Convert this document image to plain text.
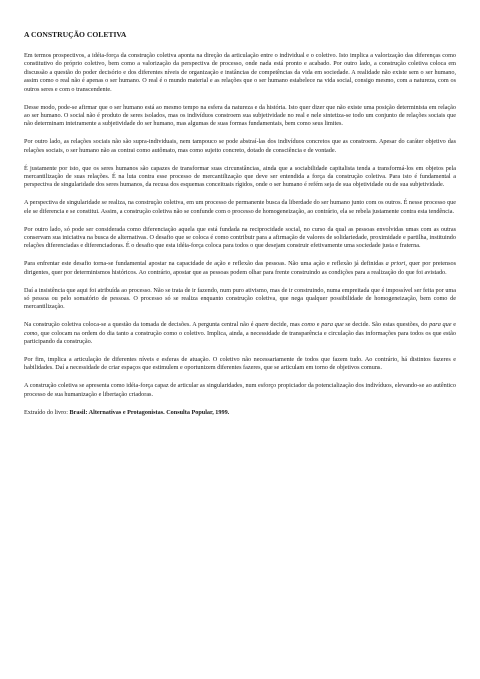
A CONSTRUÇÃO COLETIVA

Em termos prospectivos, a idéia-força da construção coletiva aponta na direção da articulação entre o individual e o coletivo. Isto implica a valorização das diferenças como constitutivo do próprio coletivo, bem como a valorização da perspectiva de processo, onde nada está pronto e acabado. Por outro lado, a construção coletiva coloca em discussão a questão do poder decisório e dos diferentes níveis de organização e instâncias de competências da vida em sociedade. A realidade não existe sem o ser humano, assim como o real não é apenas o ser humano. O real é o mundo material e as relações que o ser humano estabelece na vida social, consigo mesmo, com a natureza, com os outros seres e com o transcendente.

Desse modo, pode-se afirmar que o ser humano está ao mesmo tempo na esfera da natureza e da história. Isto quer dizer que não existe uma posição determinista em relação ao ser humano. O social não é produto de seres isolados, mas os indivíduos constroem sua subjetividade no real e nele sintetiza-se todo um conjunto de relações sociais que não determinam inteiramente a subjetividade do ser humano, mas algumas de suas formas fundamentais, bem como seus limites.

Por outro lado, as relações sociais não são supra-individuais, nem tampouco se pode abstraí-las dos indivíduos concretos que as constroem. Apesar do caráter objetivo das relações sociais, o ser humano não as contrai como autômato, mas como sujeito concreto, dotado de consciência e de vontade.

É justamente por isto, que os seres humanos são capazes de transformar suas circunstâncias, ainda que a sociabilidade capitalista tenda a transformá-los em objetos pela mercantilização de suas relações. É na luta contra esse processo de mercantilização que deve ser entendida a força da construção coletiva. Para isto é fundamental a perspectiva de singularidade dos seres humanos, da recusa dos esquemas conceituais rígidos, onde o ser humano é refém seja de sua objetividade ou de sua subjetividade.

A perspectiva de singularidade se realiza, na construção coletiva, em um processo de permanente busca da liberdade do ser humano junto com os outros. É nesse processo que ele se diferencia e se constitui. Assim, a construção coletiva não se confunde com o processo de homogeneização, ao contrário, ela se rebela justamente contra esta tendência.

Por outro lado, só pode ser considerada como diferenciação aquela que está fundada na reciprocidade social, no curso da qual as pessoas envolvidas umas com as outras conservam sua iniciativa na busca de alternativas. O desafio que se coloca é como contribuir para a afirmação de valores de solidariedade, proximidade e partilha, instituindo relações diferenciadas e diferenciadoras. É o desafio que esta idéia-força coloca para todos o que desejam construir efetivamente uma sociedade justa e fraterna.

Para enfrentar este desafio torna-se fundamental apostar na capacidade de ação e reflexão das pessoas. Não uma ação e reflexão já definidas a priori, quer por pretensos dirigentes, quer por determinismos históricos. Ao contrário, apostar que as pessoas podem olhar para frente construindo as condições para a realização do que foi avistado.

Daí a insistência que aqui foi atribuída ao processo. Não se trata de ir fazendo, num puro ativismo, mas de ir construindo, numa empreitada que é impossível ser feita por uma só pessoa ou pelo somatório de pessoas. O processo só se realiza enquanto construção coletiva, que nega qualquer possibilidade de homogeneização, bem como de mercantilização.

Na construção coletiva coloca-se a questão da tomada de decisões. A pergunta central não é quem decide, mas como e para que se decide. São estas questões, do para que e como, que colocam na ordem do dia tanto a construção como o coletivo. Implica, ainda, a necessidade de transparência e circulação das informações para todos os que estão participando da construção.

Por fim, implica a articulação de diferentes níveis e esferas de atuação. O coletivo não necessariamente de todos que fazem tudo. Ao contrário, há distintos fazeres e habilidades. Daí a necessidade de criar espaços que estimulem e oportunizem diferentes fazeres, que se articulam em torno de objetivos comuns.

A construção coletiva se apresenta como idéia-força capaz de articular as singularidades, num esforço propiciador da potencialização dos indivíduos, elevando-se ao autêntico processo de sua humanização e libertação criadoras.

Extraído do livro: Brasil: Alternativas e Protagonistas. Consulta Popular, 1999.
